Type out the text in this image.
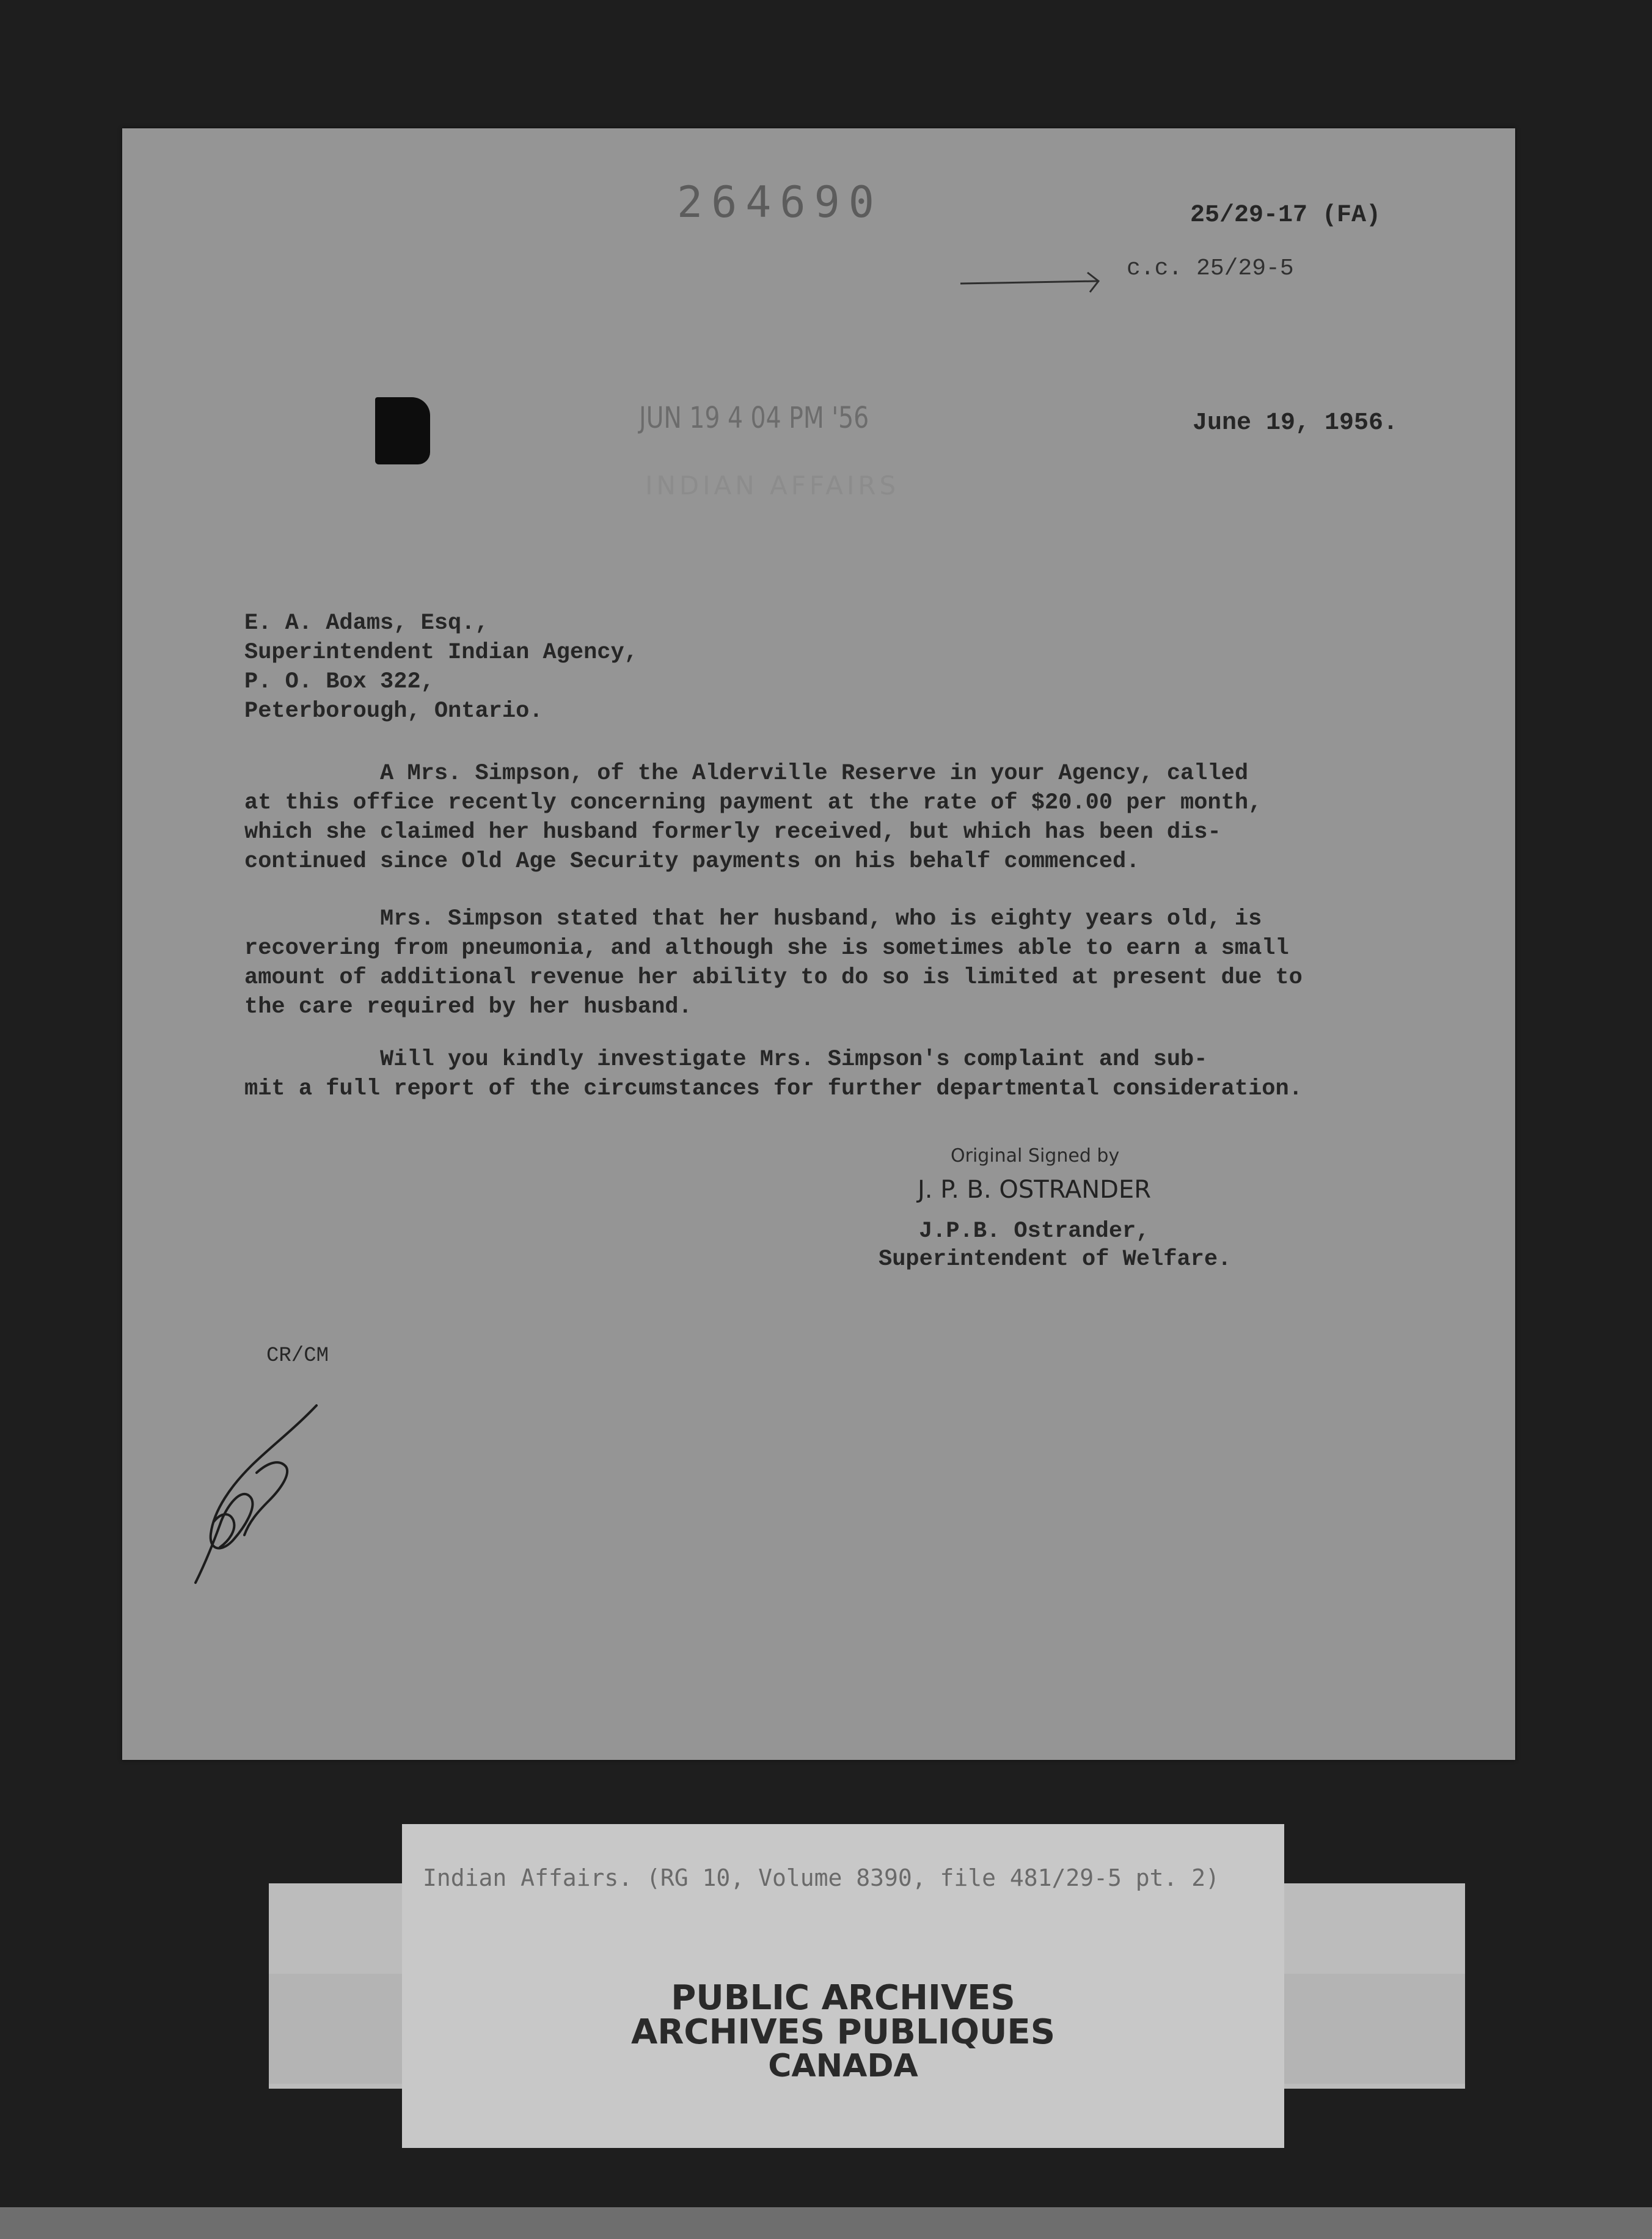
264690	25/29-17 (FA)
c.c. 25/29-5
JUN 19 4 04 PM '56
INDIAN AFFAIRS
June 19, 1956.
E. A. Adams, Esq.,
Superintendent Indian Agency,
P. O. Box 322,
Peterborough, Ontario.
A Mrs. Simpson, of the Alderville Reserve in your Agency, called
at this office recently concerning payment at the rate of $20.00 per month,
which she claimed her husband formerly received, but which has been dis-
continued since Old Age Security payments on his behalf commenced.
Mrs. Simpson stated that her husband, who is eighty years old, is
recovering from pneumonia, and although she is sometimes able to earn a small
amount of additional revenue her ability to do so is limited at present due to
the care required by her husband.
Will you kindly investigate Mrs. Simpson's complaint and sub-
mit a full report of the circumstances for further departmental consideration.
Original Signed by
J. P. B. OSTRANDER
J.P.B. Ostrander,
Superintendent of Welfare.
CR/CM
Indian Affairs. (RG 10, Volume 8390, file 481/29-5 pt. 2)
PUBLIC ARCHIVES
ARCHIVES PUBLIQUES
CANADA
